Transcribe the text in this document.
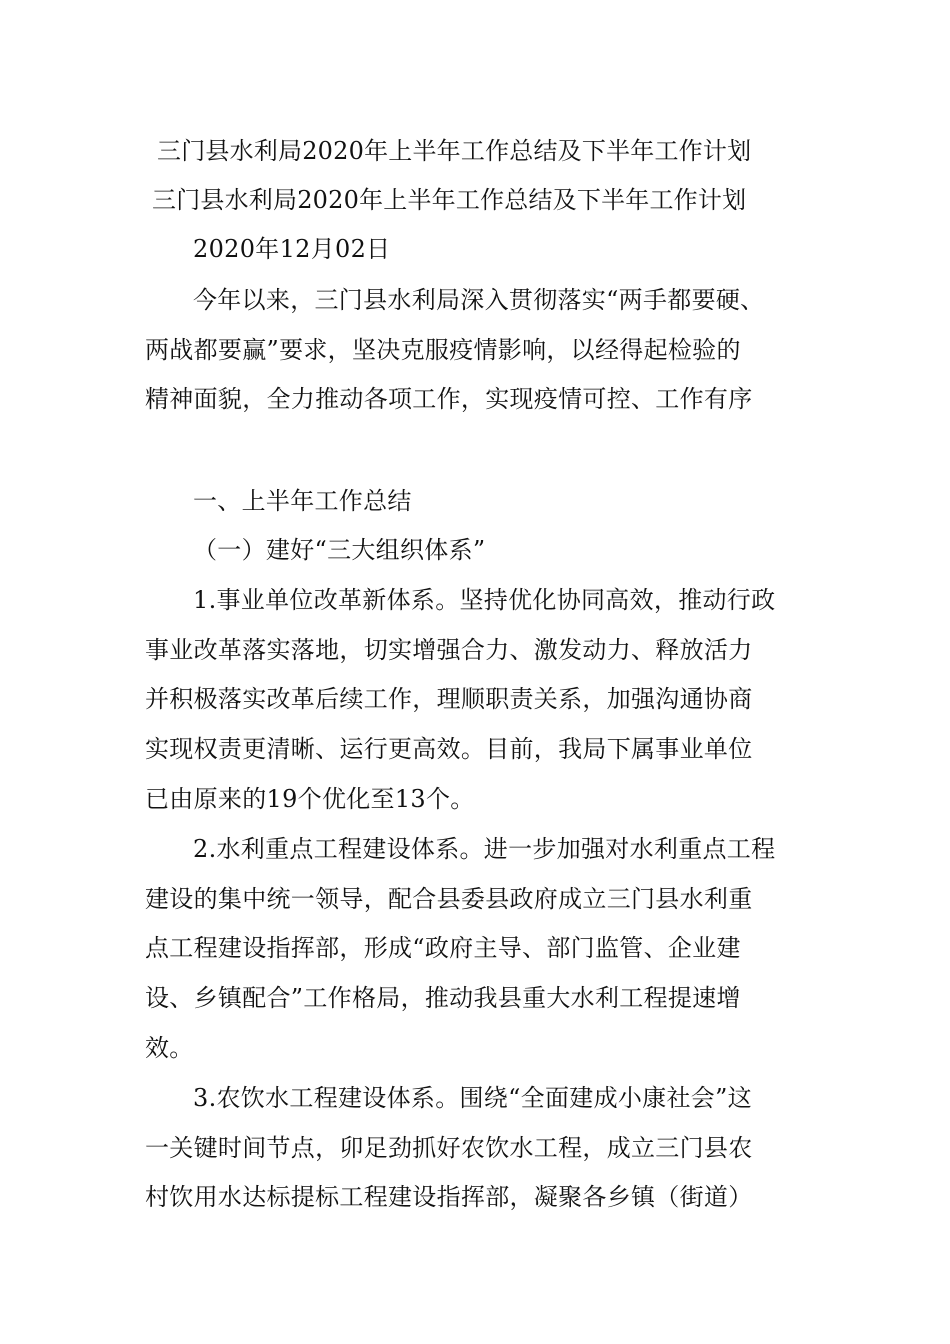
三门县水利局2020年上半年工作总结及下半年工作计划
三门县水利局2020年上半年工作总结及下半年工作计划
2020年12月02日
今年以来，三门县水利局深入贯彻落实“两手都要硬、
两战都要赢”要求，坚决克服疫情影响，以经得起检验的
精神面貌，全力推动各项工作，实现疫情可控、工作有序
一、上半年工作总结
（一）建好“三大组织体系”
1.事业单位改革新体系。坚持优化协同高效，推动行政
事业改革落实落地，切实增强合力、激发动力、释放活力
并积极落实改革后续工作，理顺职责关系，加强沟通协商
实现权责更清晰、运行更高效。目前，我局下属事业单位
已由原来的19个优化至13个。
2.水利重点工程建设体系。进一步加强对水利重点工程
建设的集中统一领导，配合县委县政府成立三门县水利重
点工程建设指挥部，形成“政府主导、部门监管、企业建
设、乡镇配合”工作格局，推动我县重大水利工程提速增
效。
3.农饮水工程建设体系。围绕“全面建成小康社会”这
一关键时间节点，卯足劲抓好农饮水工程，成立三门县农
村饮用水达标提标工程建设指挥部，凝聚各乡镇（街道）
